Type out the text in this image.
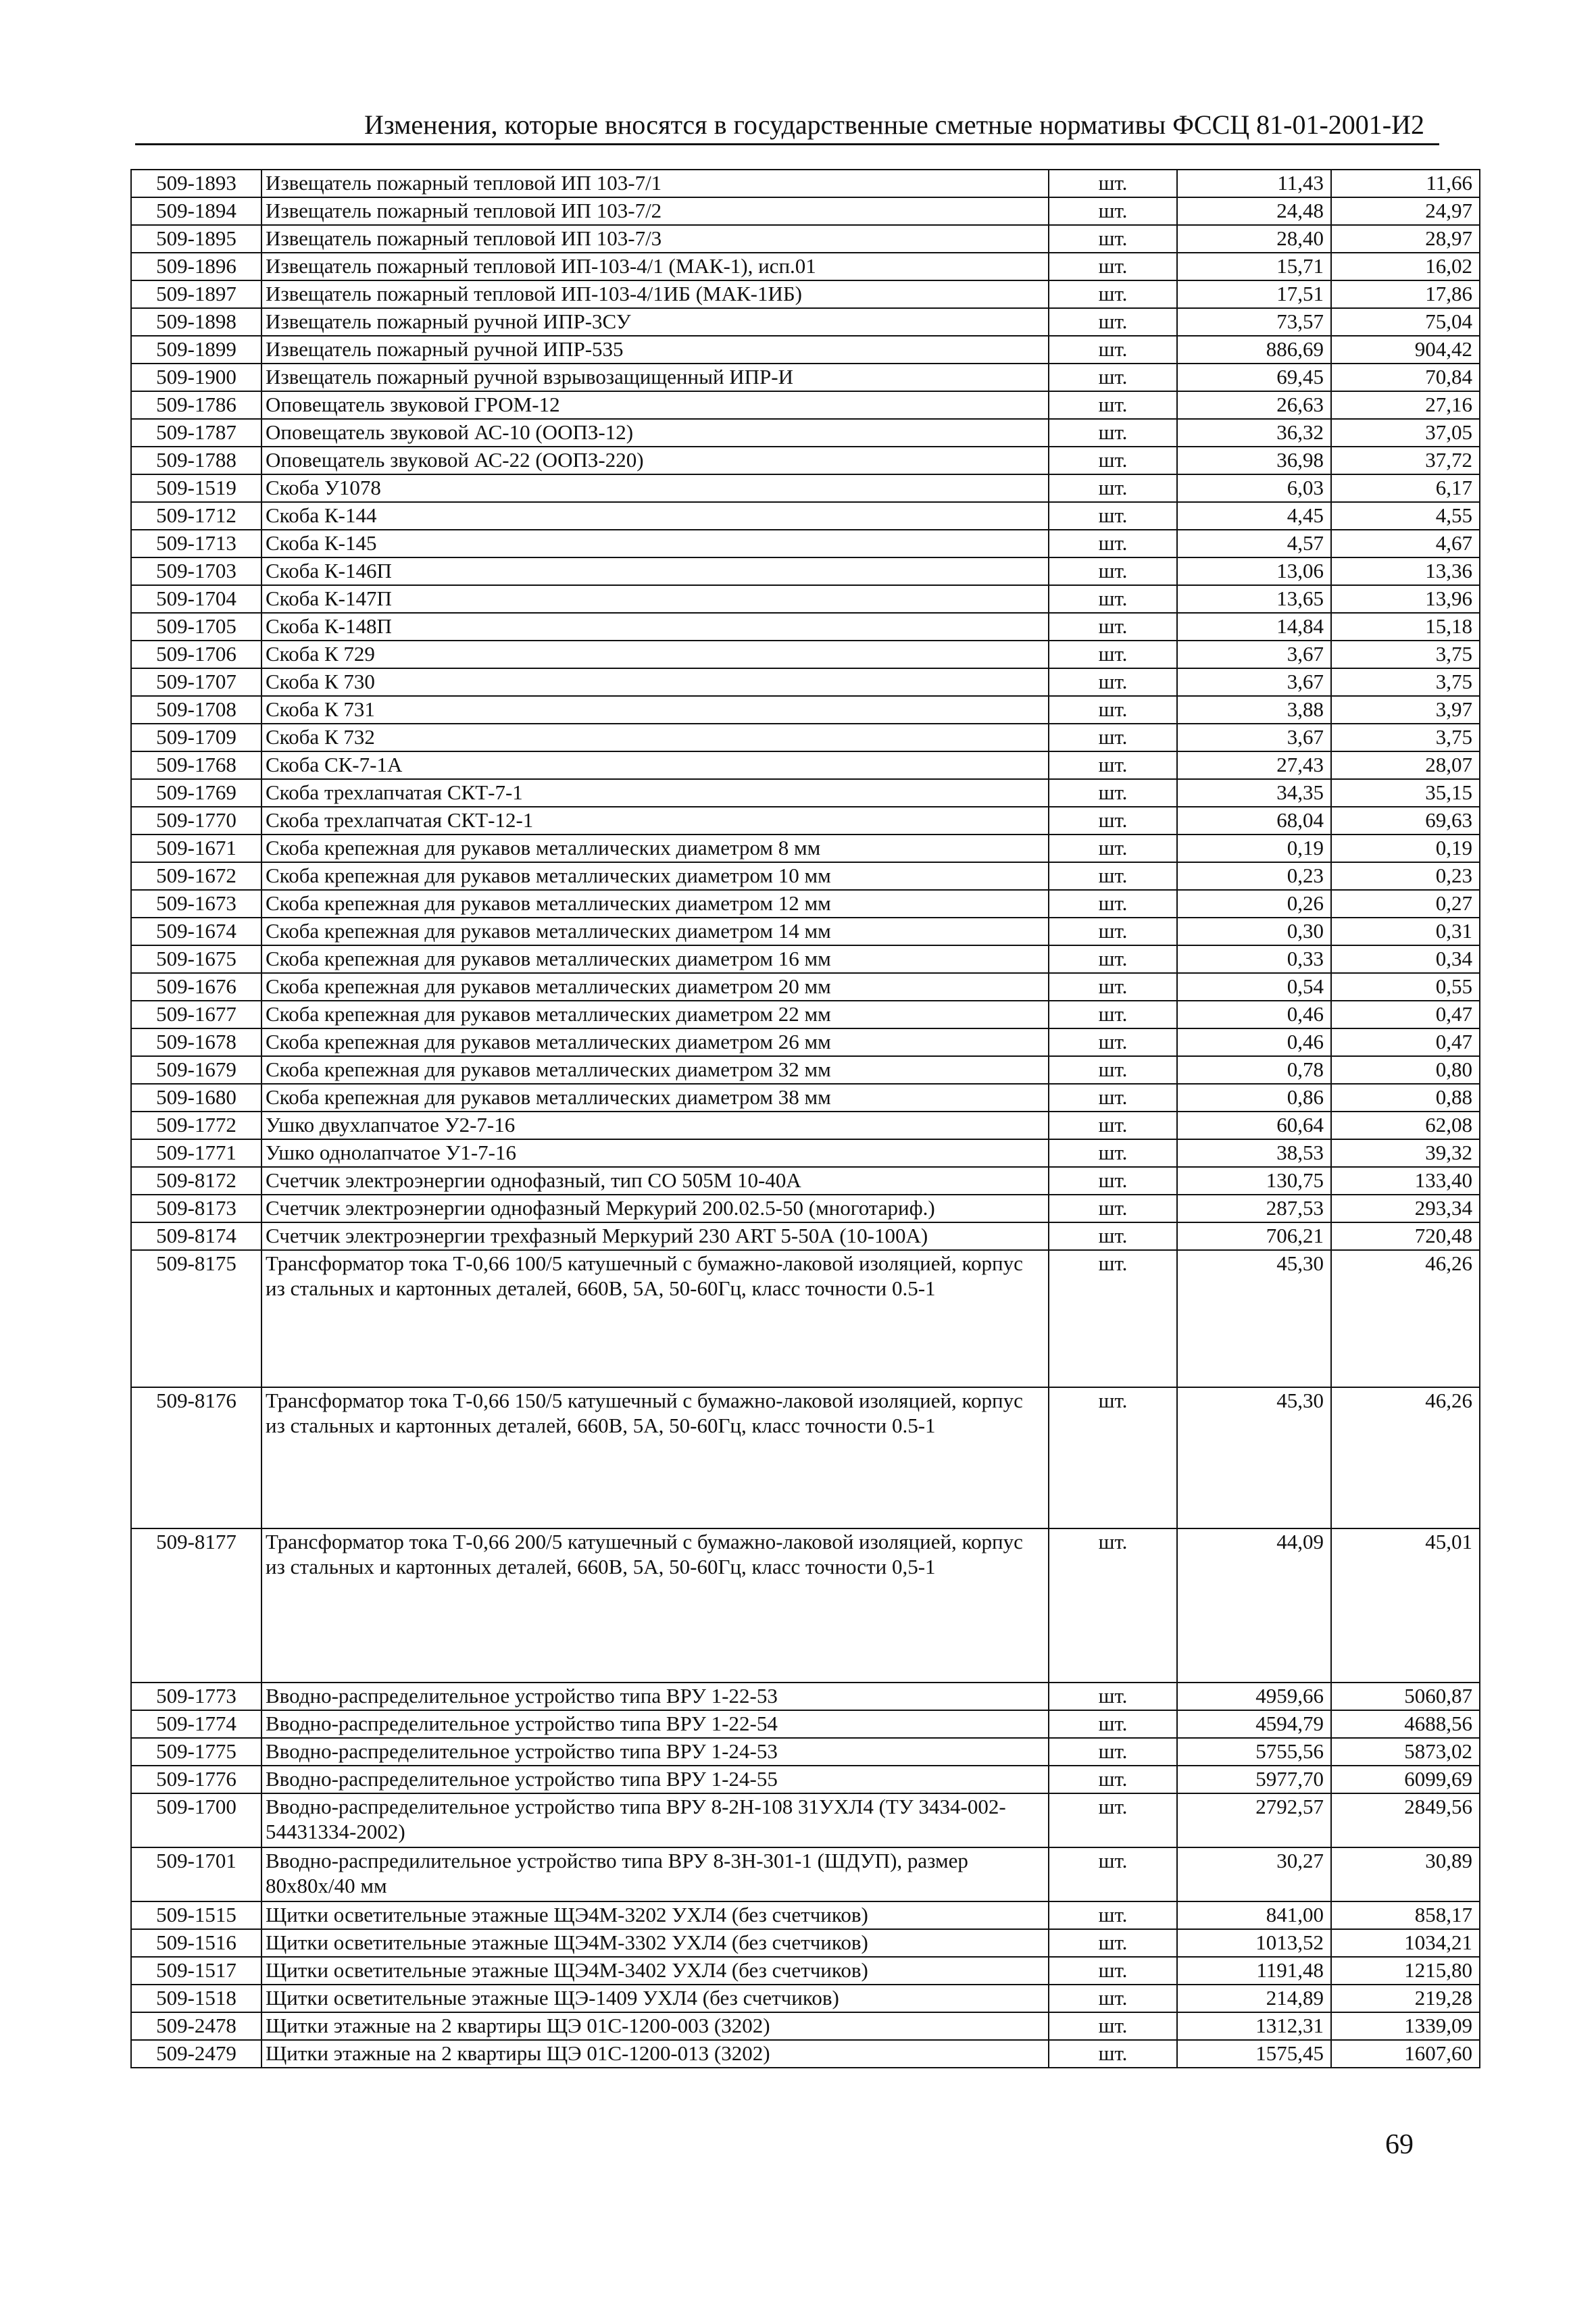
Изменения, которые вносятся в государственные сметные нормативы ФССЦ 81-01-2001-И2
509-1893	Извещатель пожарный тепловой ИП 103-7/1	шт.	11,43	11,66
509-1894	Извещатель пожарный тепловой ИП 103-7/2	шт.	24,48	24,97
509-1895	Извещатель пожарный тепловой ИП 103-7/3	шт.	28,40	28,97
509-1896	Извещатель пожарный тепловой ИП-103-4/1 (МАК-1), исп.01	шт.	15,71	16,02
509-1897	Извещатель пожарный тепловой ИП-103-4/1ИБ (МАК-1ИБ)	шт.	17,51	17,86
509-1898	Извещатель пожарный ручной ИПР-3СУ	шт.	73,57	75,04
509-1899	Извещатель пожарный ручной ИПР-535	шт.	886,69	904,42
509-1900	Извещатель пожарный ручной взрывозащищенный ИПР-И	шт.	69,45	70,84
509-1786	Оповещатель звуковой ГРОМ-12	шт.	26,63	27,16
509-1787	Оповещатель звуковой АС-10 (ООПЗ-12)	шт.	36,32	37,05
509-1788	Оповещатель звуковой АС-22 (ООПЗ-220)	шт.	36,98	37,72
509-1519	Скоба У1078	шт.	6,03	6,17
509-1712	Скоба К-144	шт.	4,45	4,55
509-1713	Скоба К-145	шт.	4,57	4,67
509-1703	Скоба К-146П	шт.	13,06	13,36
509-1704	Скоба К-147П	шт.	13,65	13,96
509-1705	Скоба К-148П	шт.	14,84	15,18
509-1706	Скоба К 729	шт.	3,67	3,75
509-1707	Скоба К 730	шт.	3,67	3,75
509-1708	Скоба К 731	шт.	3,88	3,97
509-1709	Скоба К 732	шт.	3,67	3,75
509-1768	Скоба СК-7-1А	шт.	27,43	28,07
509-1769	Скоба трехлапчатая СКТ-7-1	шт.	34,35	35,15
509-1770	Скоба трехлапчатая СКТ-12-1	шт.	68,04	69,63
509-1671	Скоба крепежная для рукавов металлических диаметром 8 мм	шт.	0,19	0,19
509-1672	Скоба крепежная для рукавов металлических диаметром 10 мм	шт.	0,23	0,23
509-1673	Скоба крепежная для рукавов металлических диаметром 12 мм	шт.	0,26	0,27
509-1674	Скоба крепежная для рукавов металлических диаметром 14 мм	шт.	0,30	0,31
509-1675	Скоба крепежная для рукавов металлических диаметром 16 мм	шт.	0,33	0,34
509-1676	Скоба крепежная для рукавов металлических диаметром 20 мм	шт.	0,54	0,55
509-1677	Скоба крепежная для рукавов металлических диаметром 22 мм	шт.	0,46	0,47
509-1678	Скоба крепежная для рукавов металлических диаметром 26 мм	шт.	0,46	0,47
509-1679	Скоба крепежная для рукавов металлических диаметром 32 мм	шт.	0,78	0,80
509-1680	Скоба крепежная для рукавов металлических диаметром 38 мм	шт.	0,86	0,88
509-1772	Ушко двухлапчатое У2-7-16	шт.	60,64	62,08
509-1771	Ушко однолапчатое У1-7-16	шт.	38,53	39,32
509-8172	Счетчик электроэнергии однофазный, тип СО 505М 10-40А	шт.	130,75	133,40
509-8173	Счетчик электроэнергии однофазный Меркурий 200.02.5-50 (многотариф.)	шт.	287,53	293,34
509-8174	Счетчик электроэнергии трехфазный Меркурий 230 ART 5-50А (10-100А)	шт.	706,21	720,48
509-8175	Трансформатор тока Т-0,66 100/5 катушечный с бумажно-лаковой изоляцией, корпус из стальных и картонных деталей, 660В, 5А, 50-60Гц, класс точности 0.5-1	шт.	45,30	46,26
509-8176	Трансформатор тока Т-0,66 150/5 катушечный с бумажно-лаковой изоляцией, корпус из стальных и картонных деталей, 660В, 5А, 50-60Гц, класс точности 0.5-1	шт.	45,30	46,26
509-8177	Трансформатор тока Т-0,66 200/5 катушечный с бумажно-лаковой изоляцией, корпус из стальных и картонных деталей, 660В, 5А, 50-60Гц, класс точности 0,5-1	шт.	44,09	45,01
509-1773	Вводно-распределительное устройство типа ВРУ 1-22-53	шт.	4959,66	5060,87
509-1774	Вводно-распределительное устройство типа ВРУ 1-22-54	шт.	4594,79	4688,56
509-1775	Вводно-распределительное устройство типа ВРУ 1-24-53	шт.	5755,56	5873,02
509-1776	Вводно-распределительное устройство типа ВРУ 1-24-55	шт.	5977,70	6099,69
509-1700	Вводно-распределительное устройство типа ВРУ 8-2Н-108 31УХЛ4 (ТУ 3434-002-54431334-2002)	шт.	2792,57	2849,56
509-1701	Вводно-распредилительное устройство типа ВРУ 8-3Н-301-1 (ШДУП), размер 80х80х/40 мм	шт.	30,27	30,89
509-1515	Щитки осветительные этажные ЩЭ4М-3202 УХЛ4 (без счетчиков)	шт.	841,00	858,17
509-1516	Щитки осветительные этажные ЩЭ4М-3302 УХЛ4 (без счетчиков)	шт.	1013,52	1034,21
509-1517	Щитки осветительные этажные ЩЭ4М-3402 УХЛ4 (без счетчиков)	шт.	1191,48	1215,80
509-1518	Щитки осветительные этажные ЩЭ-1409 УХЛ4 (без счетчиков)	шт.	214,89	219,28
509-2478	Щитки этажные на 2 квартиры ЩЭ 01С-1200-003 (3202)	шт.	1312,31	1339,09
509-2479	Щитки этажные на 2 квартиры ЩЭ 01С-1200-013 (3202)	шт.	1575,45	1607,60
69
